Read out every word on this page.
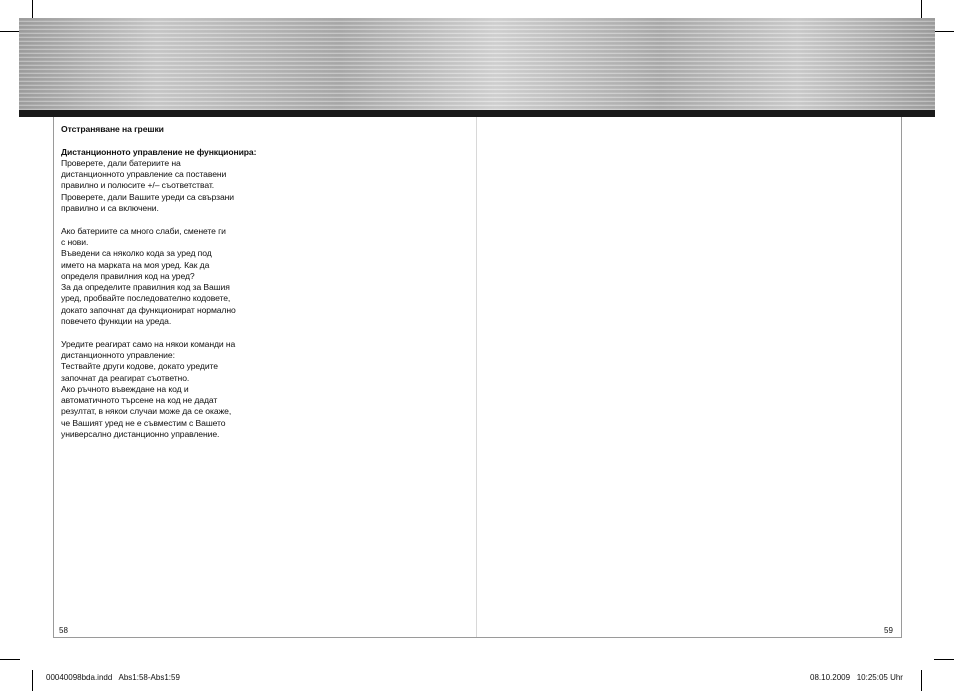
Отстраняване на грешки

Дистанционното управление не функционира:

Проверете, дали батериите на

дистанционното управление са поставени

правилно и полюсите +/– съответстват.

Проверете, дали Вашите уреди са свързани

правилно и са включени.

Ако батериите са много слаби, сменете ги

с нови.

Въведени са няколко кода за уред под

името на марката на моя уред. Как да

определя правилния код на уред?

За да определите правилния код за Вашия

уред, пробвайте последователно кодовете,

докато започнат да функционират нормално

повечето функции на уреда.

Уредите реагират само на някои команди на

дистанционното управление:

Тествайте други кодове, докато уредите

започнат да реагират съответно.

Ако ръчното въвеждане на код и

автоматичното търсене на код не дадат

резултат, в някои случаи може да се окаже,

че Вашият уред не е съвместим с Вашето

универсално дистанционно управление.

58	59
00040098bda.indd   Abs1:58-Abs1:59	08.10.2009   10:25:05 Uhr
